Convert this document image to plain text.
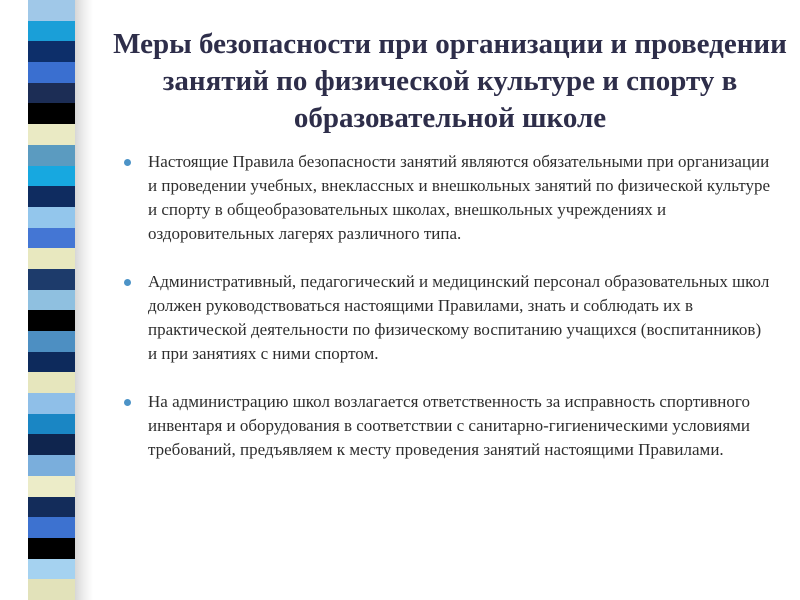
Меры безопасности при организации и проведении занятий по физической культуре и спорту в образовательной школе
Настоящие Правила безопасности занятий являются обязательными при организации и проведении учебных, внеклассных и внешкольных занятий по физической культуре и спорту в общеобразовательных школах, внешкольных учреждениях и оздоровительных лагерях различного типа.
Административный, педагогический и медицинский персонал образовательных школ должен руководствоваться настоящими Правилами, знать и соблюдать их в практической деятельности по физическому воспитанию учащихся (воспитанников) и при занятиях с ними спортом.
На администрацию школ возлагается ответственность за исправность спортивного инвентаря и оборудования в соответствии с санитарно-гигиеническими условиями требований, предъявляем к месту проведения занятий настоящими Правилами.
